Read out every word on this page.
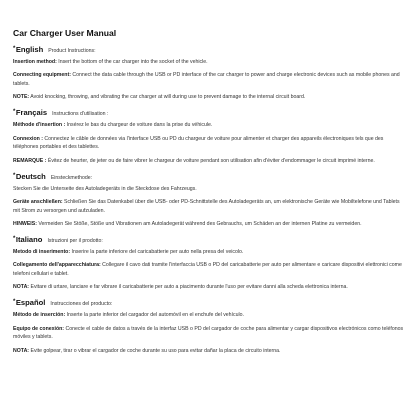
Car Charger User Manual
* English Product Instructions:
Insertion method: Insert the bottom of the car charger into the socket of the vehicle.
Connecting equipment: Connect the data cable through the USB or PD interface of the car charger to power and charge electronic devices such as mobile phones and tablets.
NOTE: Avoid knocking, throwing, and vibrating the car charger at will during use to prevent damage to the internal circuit board.
* Français Instructions d'utilisation :
Méthode d'insertion : Insérez le bas du chargeur de voiture dans la prise du véhicule.
Connexion : Connectez le câble de données via l'interface USB ou PD du chargeur de voiture pour alimenter et charger des appareils électroniques tels que des téléphones portables et des tablettes.
REMARQUE : Évitez de heurter, de jeter ou de faire vibrer le chargeur de voiture pendant son utilisation afin d'éviter d'endommager le circuit imprimé interne.
* Deutsch Einsteckmethode:
Stecken Sie die Unterseite des Autoladegeräts in die Steckdose des Fahrzeugs.
Geräte anschließen: Schließen Sie das Datenkabel über die USB- oder PD-Schnittstelle des Autoladegeräts an, um elektronische Geräte wie Mobiltelefone und Tablets mit Strom zu versorgen und aufzuladen.
HINWEIS: Vermeiden Sie Stöße, Stöße und Vibrationen am Autoladegerät während des Gebrauchs, um Schäden an der internen Platine zu vermeiden.
* Italiano Istruzioni per il prodotto:
Metodo di inserimento: Inserire la parte inferiore del caricabatterie per auto nella presa del veicolo.
Collegamento dell'apparecchiatura: Collegare il cavo dati tramite l'interfaccia USB o PD del caricabatterie per auto per alimentare e caricare dispositivi elettronici come telefoni cellulari e tablet.
NOTA: Evitare di urtare, lanciare e far vibrare il caricabatterie per auto a piacimento durante l'uso per evitare danni alla scheda elettronica interna.
* Español Instrucciones del producto:
Método de inserción: Inserte la parte inferior del cargador del automóvil en el enchufe del vehículo.
Equipo de conexión: Conecte el cable de datos a través de la interfaz USB o PD del cargador de coche para alimentar y cargar dispositivos electrónicos como teléfonos móviles y tablets.
NOTA: Evite golpear, tirar o vibrar el cargador de coche durante su uso para evitar dañar la placa de circuito interna.
